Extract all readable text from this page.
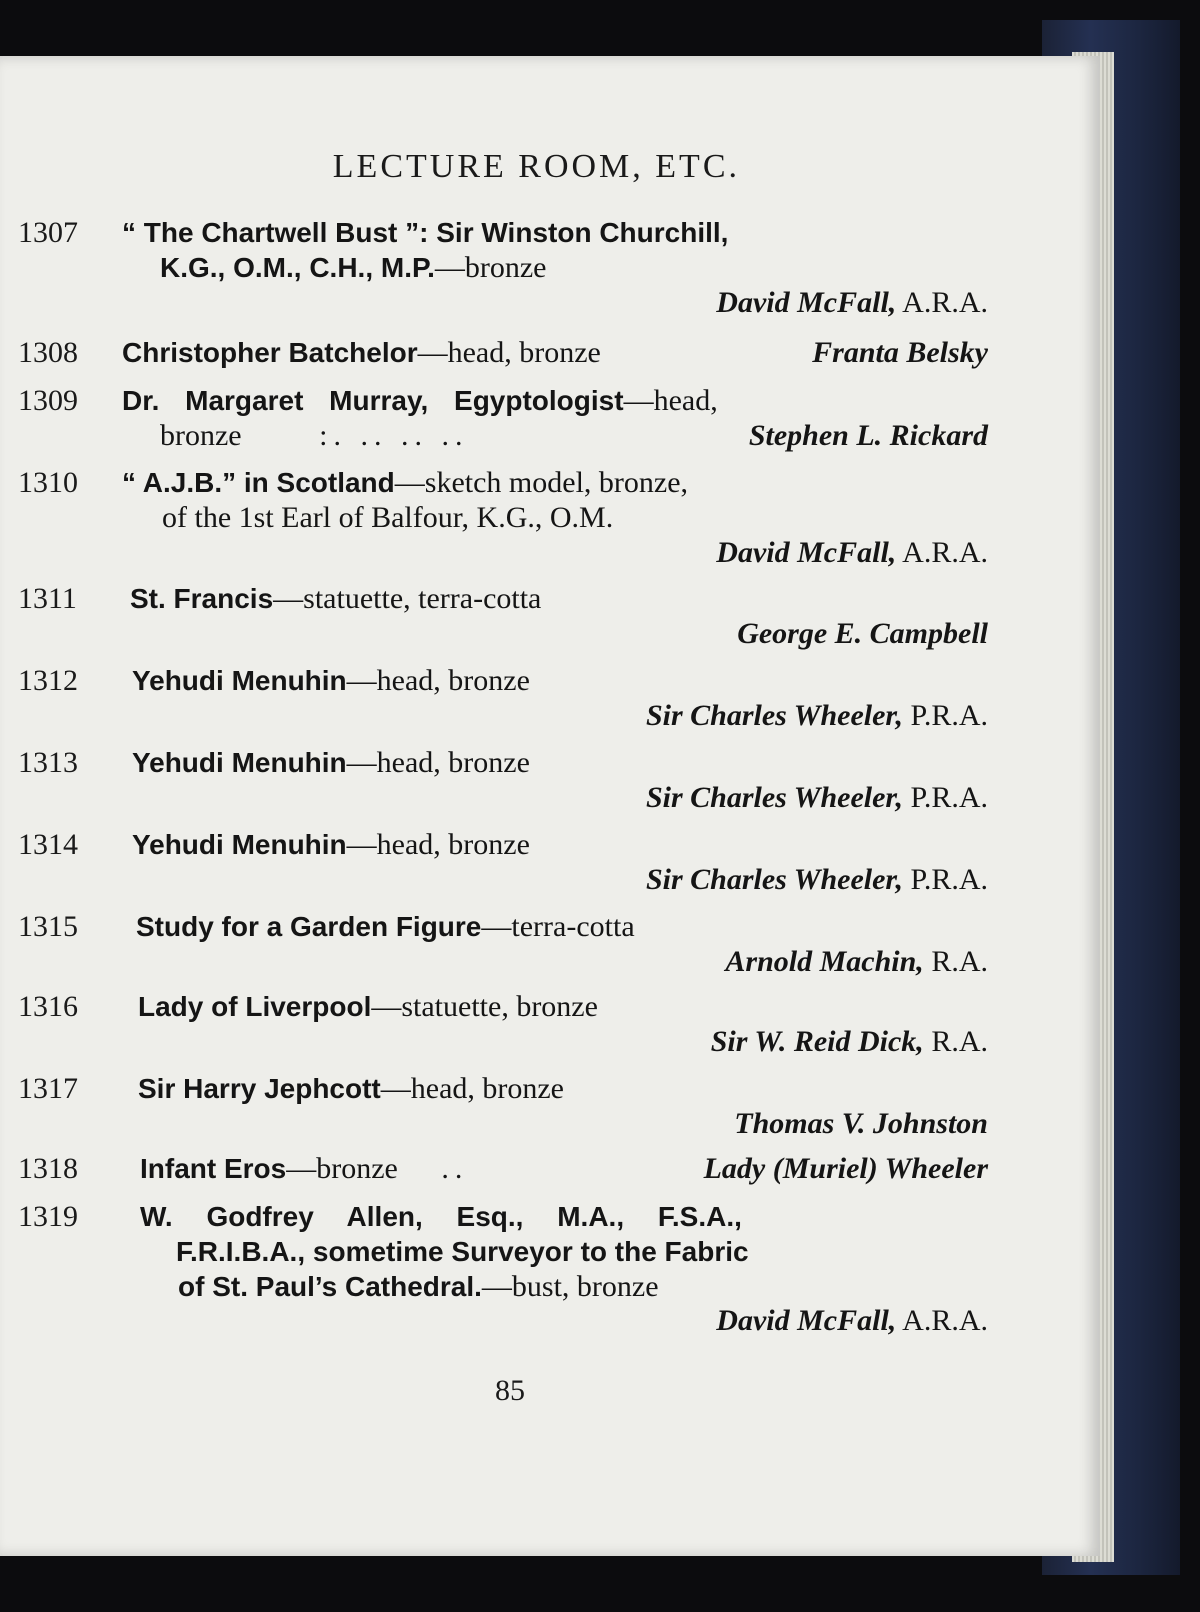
LECTURE ROOM, ETC.
1307 “ The Chartwell Bust ”: Sir Winston Churchill,
K.G., O.M., C.H., M.P.—bronze
David McFall, A.R.A.
1308 Christopher Batchelor—head, bronze	Franta Belsky
1309 Dr. Margaret Murray, Egyptologist—head,
bronze	:. .. .. ..	Stephen L. Rickard
1310 “ A.J.B.” in Scotland—sketch model, bronze,
of the 1st Earl of Balfour, K.G., O.M.
David McFall, A.R.A.
1311 St. Francis—statuette, terra-cotta
George E. Campbell
1312 Yehudi Menuhin—head, bronze
Sir Charles Wheeler, P.R.A.
1313 Yehudi Menuhin—head, bronze
Sir Charles Wheeler, P.R.A.
1314 Yehudi Menuhin—head, bronze
Sir Charles Wheeler, P.R.A.
1315 Study for a Garden Figure—terra-cotta
Arnold Machin, R.A.
1316 Lady of Liverpool—statuette, bronze
Sir W. Reid Dick, R.A.
1317 Sir Harry Jephcott—head, bronze
Thomas V. Johnston
1318 Infant Eros—bronze ..	Lady (Muriel) Wheeler
1319 W. Godfrey Allen, Esq., M.A., F.S.A.,
F.R.I.B.A., sometime Surveyor to the Fabric
of St. Paul’s Cathedral.—bust, bronze
David McFall, A.R.A.
85
